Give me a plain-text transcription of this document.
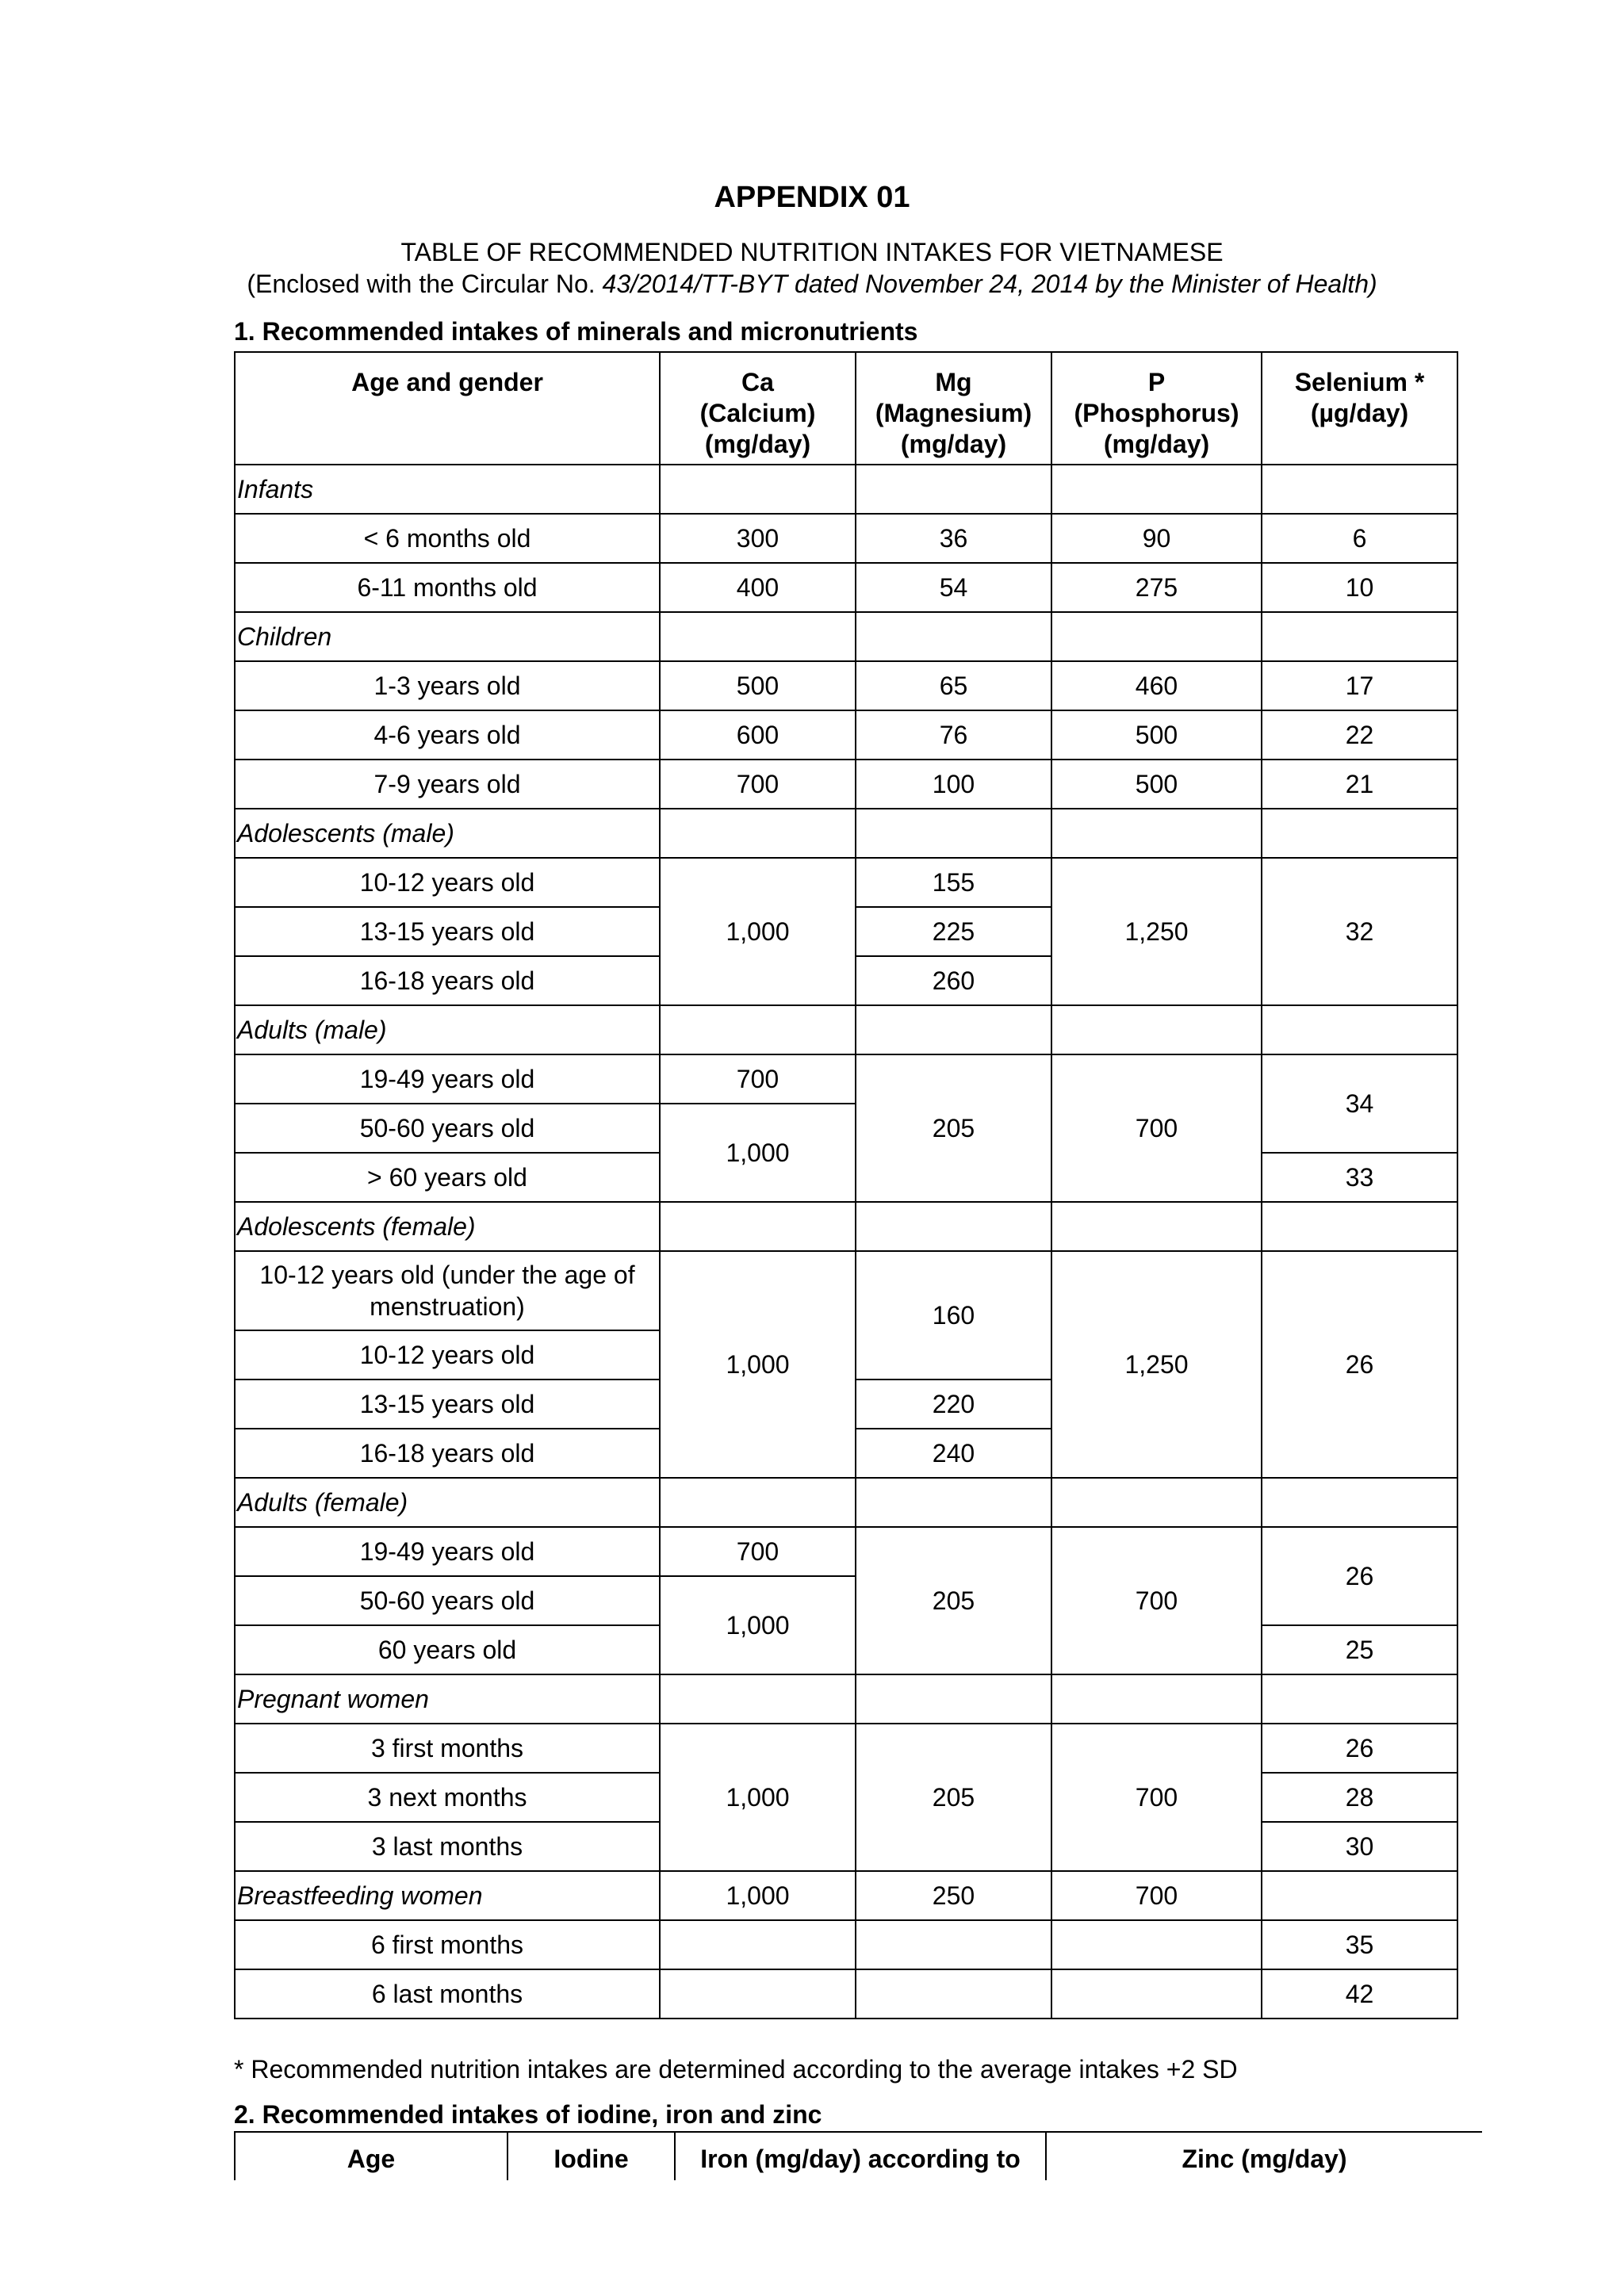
APPENDIX 01
TABLE OF RECOMMENDED NUTRITION INTAKES FOR VIETNAMESE
(Enclosed with the Circular No. 43/2014/TT-BYT dated November 24, 2014 by the Minister of Health)
1. Recommended intakes of minerals and micronutrients
Age and gender	Ca
(Calcium)
(mg/day)	Mg
(Magnesium)
(mg/day)	P
(Phosphorus)
(mg/day)	Selenium *
(µg/day)
Infants				
< 6 months old	300	36	90	6
6-11 months old	400	54	275	10
Children				
1-3 years old	500	65	460	17
4-6 years old	600	76	500	22
7-9 years old	700	100	500	21
Adolescents (male)				
10-12 years old	1,000	155	1,250	32
13-15 years old		225		
16-18 years old		260		
Adults (male)				
19-49 years old	700	205	700	34
50-60 years old	1,000			
> 60 years old				33
Adolescents (female)				
10-12 years old (under the age of menstruation)	1,000	160	1,250	26
10-12 years old				
13-15 years old		220		
16-18 years old		240		
Adults (female)				
19-49 years old	700	205	700	26
50-60 years old	1,000			
60 years old				25
Pregnant women				
3 first months	1,000	205	700	26
3 next months				28
3 last months				30
Breastfeeding women	1,000	250	700	
6 first months				35
6 last months				42
* Recommended nutrition intakes are determined according to the average intakes +2 SD
2. Recommended intakes of iodine, iron and zinc
Age	Iodine	Iron (mg/day) according to	Zinc (mg/day)
